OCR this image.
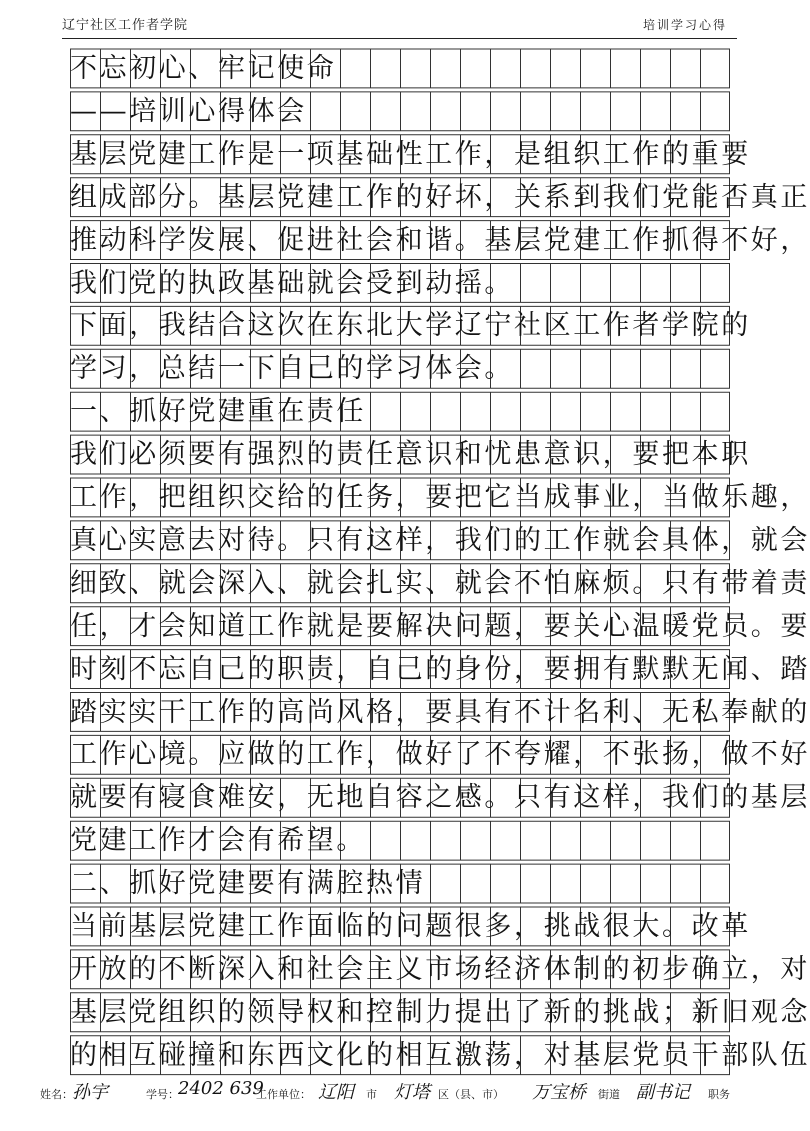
辽宁社区工作者学院	培训学习心得
不忘初心、牢记使命
——培训心得体会
基层党建工作是一项基础性工作，是组织工作的重要
组成部分。基层党建工作的好坏，关系到我们党能否真正
推动科学发展、促进社会和谐。基层党建工作抓得不好，
我们党的执政基础就会受到动摇。
下面，我结合这次在东北大学辽宁社区工作者学院的
学习，总结一下自己的学习体会。
一、抓好党建重在责任
我们必须要有强烈的责任意识和忧患意识，要把本职
工作，把组织交给的任务，要把它当成事业，当做乐趣，
真心实意去对待。只有这样，我们的工作就会具体，就会
细致、就会深入、就会扎实、就会不怕麻烦。只有带着责
任，才会知道工作就是要解决问题，要关心温暖党员。要
时刻不忘自己的职责，自己的身份，要拥有默默无闻、踏
踏实实干工作的高尚风格，要具有不计名利、无私奉献的
工作心境。应做的工作，做好了不夸耀，不张扬，做不好
就要有寝食难安，无地自容之感。只有这样，我们的基层
党建工作才会有希望。
二、抓好党建要有满腔热情
当前基层党建工作面临的问题很多，挑战很大。改革
开放的不断深入和社会主义市场经济体制的初步确立，对
基层党组织的领导权和控制力提出了新的挑战；新旧观念
的相互碰撞和东西文化的相互激荡，对基层党员干部队伍
姓名： 孙宇	学号： 2402 639
工作单位： 辽阳 市 灯塔 区（县、市） 万宝桥 街道 副书记 职务
